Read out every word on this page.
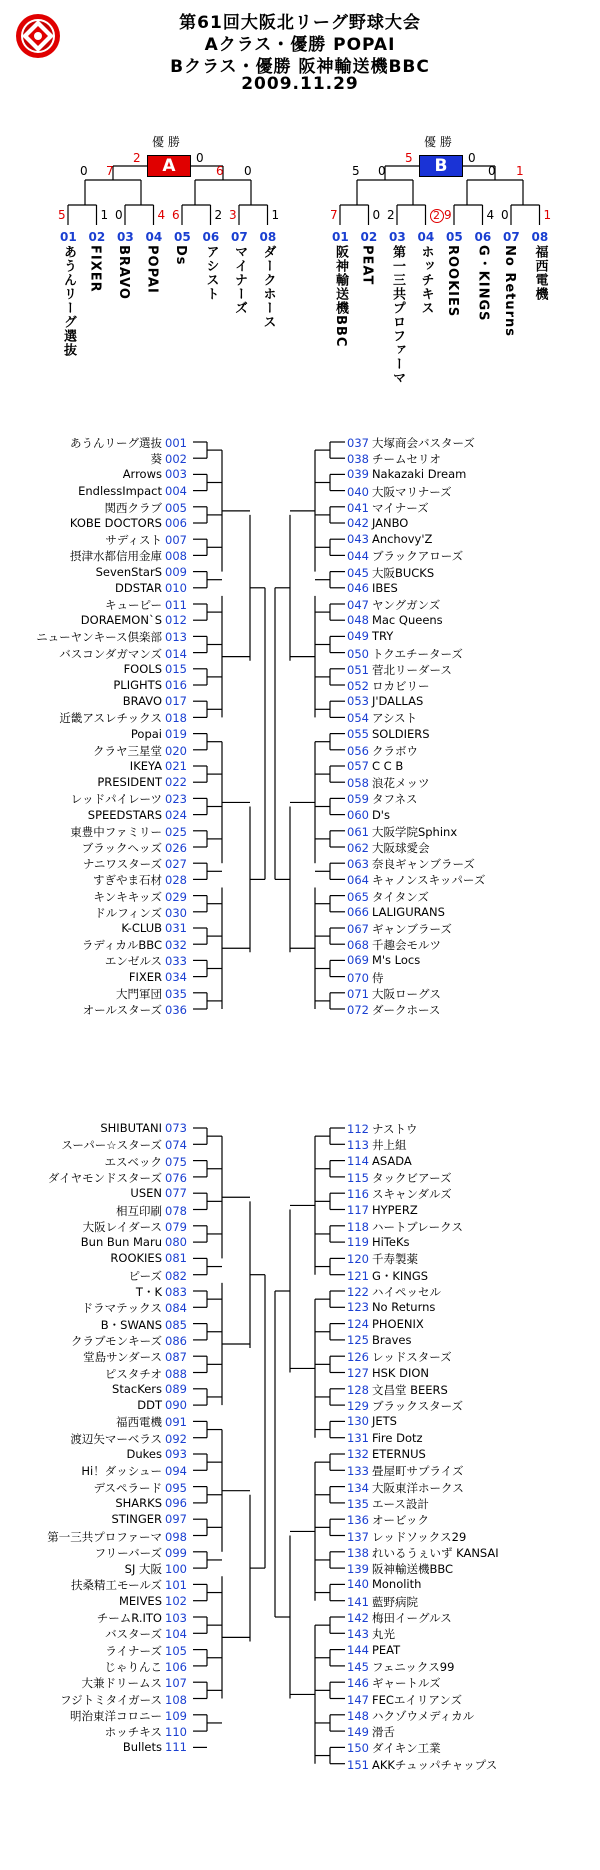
第61回大阪北リーグ野球大会
Aクラス・優勝 POPAI
Bクラス・優勝 阪神輸送機BBC
2009.11.29
優 勝
A
2	0
0 7	6 0
5	1 0	4 6	2 3	1
01
あうんリーグ選抜
02
FIXER
03
BRAVO
04
POPAI
05
Ds
06
アシスト
07
マイナーズ
08
ダークホース
優 勝
B
5	0
5 0	0 1
7	0 2	2 9	4 0	1
01
阪神輸送機BBC
02
PEAT
03
第一三共プロファーマ
04
ホッチキス
05
ROOKIES
06
G・KINGS
07
No Returns
08
福西電機
あうんリーグ選抜 001
葵 002
Arrows 003
EndlessImpact 004
関西クラブ 005
KOBE DOCTORS 006
サディスト 007
摂津水都信用金庫 008
SevenStarS 009
DDSTAR 010
キューピー 011
DORAEMON`S 012
ニューヤンキース倶楽部 013
バスコンダガマンズ 014
FOOLS 015
PLIGHTS 016
BRAVO 017
近畿アスレチックス 018
Popai 019
クラヤ三星堂 020
IKEYA 021
PRESIDENT 022
レッドパイレーツ 023
SPEEDSTARS 024
東豊中ファミリー 025
ブラックヘッズ 026
ナニワスターズ 027
すぎやま石材 028
キンキキッズ 029
ドルフィンズ 030
K-CLUB 031
ラディカルBBC 032
エンゼルス 033
FIXER 034
大門軍団 035
オールスターズ 036
037 大塚商会バスターズ
038 チームセリオ
039 Nakazaki Dream
040 大阪マリナーズ
041 マイナーズ
042 JANBO
043 Anchovy'Z
044 ブラックアローズ
045 大阪BUCKS
046 IBES
047 ヤングガンズ
048 Mac Queens
049 TRY
050 トクエチーターズ
051 菅北リーダース
052 ロカビリー
053 J'DALLAS
054 アシスト
055 SOLDIERS
056 クラボウ
057 C C B
058 浪花メッツ
059 タフネス
060 D's
061 大阪学院Sphinx
062 大阪球愛会
063 奈良ギャンブラーズ
064 キャノンスキッパーズ
065 タイタンズ
066 LALIGURANS
067 ギャンブラーズ
068 千趣会モルツ
069 M's Locs
070 侍
071 大阪ローグス
072 ダークホース
SHIBUTANI 073
スーパー☆スターズ 074
エスベック 075
ダイヤモンドスターズ 076
USEN 077
相互印刷 078
大阪レイダース 079
Bun Bun Maru 080
ROOKIES 081
ピーズ 082
T・K 083
ドラマテックス 084
B・SWANS 085
クラブモンキーズ 086
堂島サンダース 087
ピスタチオ 088
StacKers 089
DDT 090
福西電機 091
渡辺矢マーベラス 092
Dukes 093
Hi！ダッシュー 094
デスペラード 095
SHARKS 096
STINGER 097
第一三共プロファーマ 098
フリーバーズ 099
SJ 大阪 100
扶桑精工モールズ 101
MEIVES 102
チームR.ITO 103
バスターズ 104
ライナーズ 105
じゃりんこ 106
大兼ドリームス 107
フジトミタイガース 108
明治東洋コロニー 109
ホッチキス 110
Bullets 111
112 ナストウ
113 井上組
114 ASADA
115 タックビアーズ
116 スキャンダルズ
117 HYPERZ
118 ハートブレークス
119 HiTeKs
120 千寿製薬
121 G・KINGS
122 ハイペッセル
123 No Returns
124 PHOENIX
125 Braves
126 レッドスターズ
127 HSK DION
128 文昌堂 BEERS
129 ブラックスターズ
130 JETS
131 Fire Dotz
132 ETERNUS
133 畳屋町サプライズ
134 大阪東洋ホークス
135 エース設計
136 オービック
137 レッドソックス29
138 れいるうぇいず KANSAI
139 阪神輸送機BBC
140 Monolith
141 藍野病院
142 梅田イーグルス
143 丸光
144 PEAT
145 フェニックス99
146 ギャートルズ
147 FECエイリアンズ
148 ハクゾウメディカル
149 滑舌
150 ダイキン工業
151 AKKチュッパチャップス
